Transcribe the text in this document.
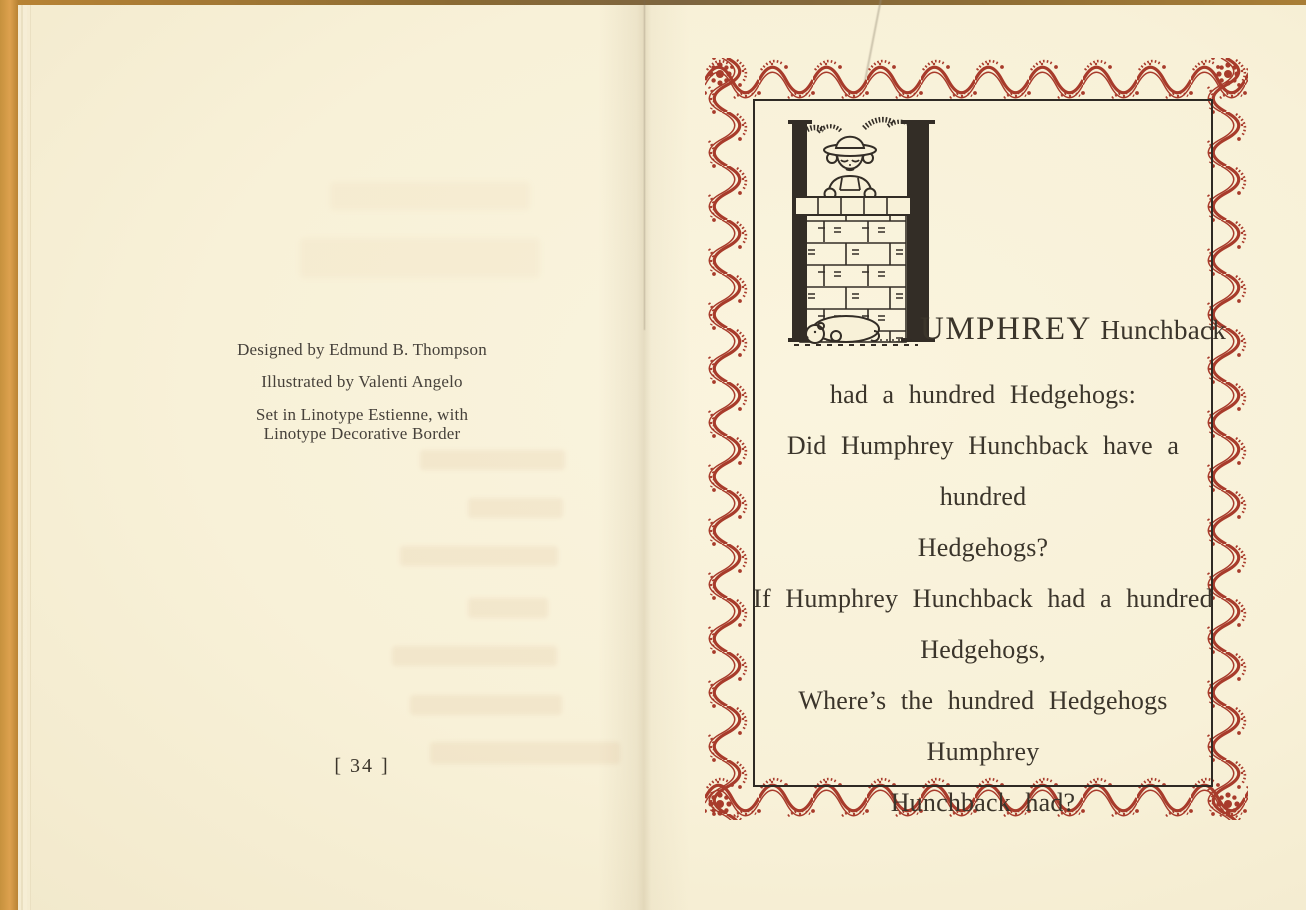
Designed by Edmund B. Thompson

Illustrated by Valenti Angelo

Set in Linotype Estienne, with
Linotype Decorative Border

[ 34 ]
UMPHREY Hunchback
had a hundred Hedgehogs:
Did Humphrey Hunchback have a hundred
Hedgehogs?
If Humphrey Hunchback had a hundred
Hedgehogs,
Where’s the hundred Hedgehogs Humphrey
Hunchback had?
